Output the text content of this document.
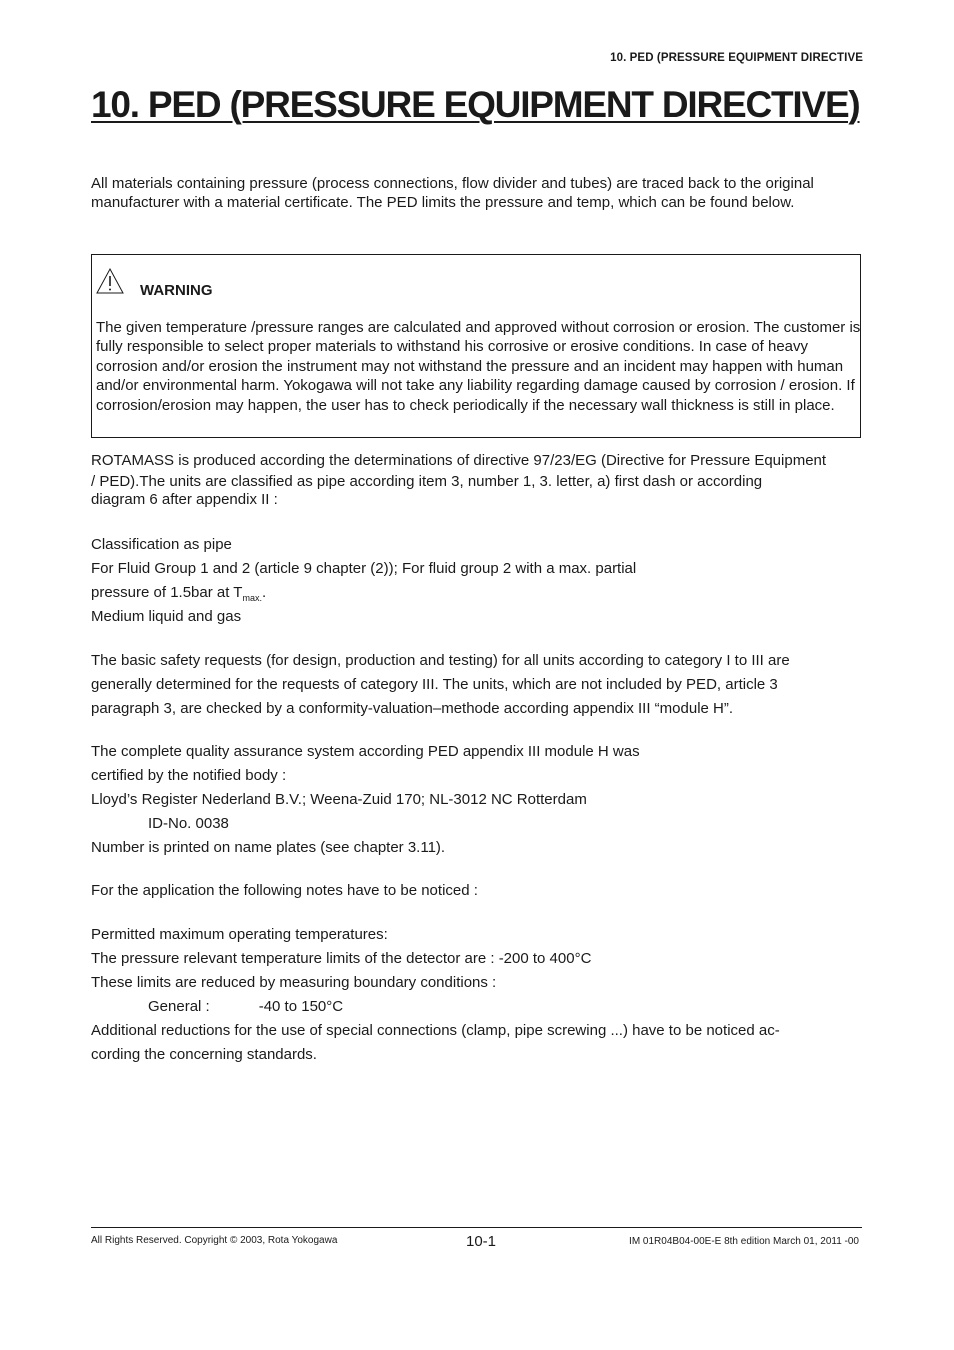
10. PED (PRESSURE EQUIPMENT DIRECTIVE
10. PED (PRESSURE EQUIPMENT DIRECTIVE)

All materials containing pressure (process connections, flow divider and tubes) are traced back to the original manufacturer with a material certificate. The PED limits the pressure and temp, which can be found below.

WARNING

The given temperature /pressure ranges are calculated and approved without corrosion or erosion. The customer is fully responsible to select proper materials to withstand his corrosive or erosive conditions. In case of heavy corrosion and/or erosion the instrument may not withstand the pressure and an incident may happen with human and/or environmental harm. Yokogawa will not take any liability regarding damage caused by corrosion / erosion. If corrosion/erosion may happen, the user has to check periodically if the necessary wall thickness is still in place.

ROTAMASS is produced according the determinations of directive 97/23/EG (Directive for Pressure Equipment
/ PED).The units are classified as pipe according item 3, number 1, 3. letter, a) first dash or according
diagram 6 after appendix II :
Classification as pipe
For Fluid Group 1 and 2 (article 9 chapter (2)); For fluid group 2 with a max. partial
pressure of 1.5bar at $T_{max.}$.
Medium liquid and gas
The basic safety requests (for design, production and testing) for all units according to category I to III are
generally determined for the requests of category III. The units, which are not included by PED, article 3
paragraph 3, are checked by a conformity-valuation–methode according appendix III “module H”.
The complete quality assurance system according PED appendix III module H was
certified by the notified body :
Lloyd’s Register Nederland B.V.; Weena-Zuid 170; NL-3012 NC Rotterdam
ID-No. 0038
Number is printed on name plates (see chapter 3.11).
For the application the following notes have to be noticed :
Permitted maximum operating temperatures:
The pressure relevant temperature limits of the detector are : -200 to 400°C
These limits are reduced by measuring boundary conditions :
General :	-40 to 150°C
Additional reductions for the use of special connections (clamp, pipe screwing ...) have to be noticed ac-
cording the concerning standards.
All Rights Reserved. Copyright © 2003, Rota Yokogawa	10-1	IM 01R04B04-00E-E 8th edition March 01, 2011 -00
